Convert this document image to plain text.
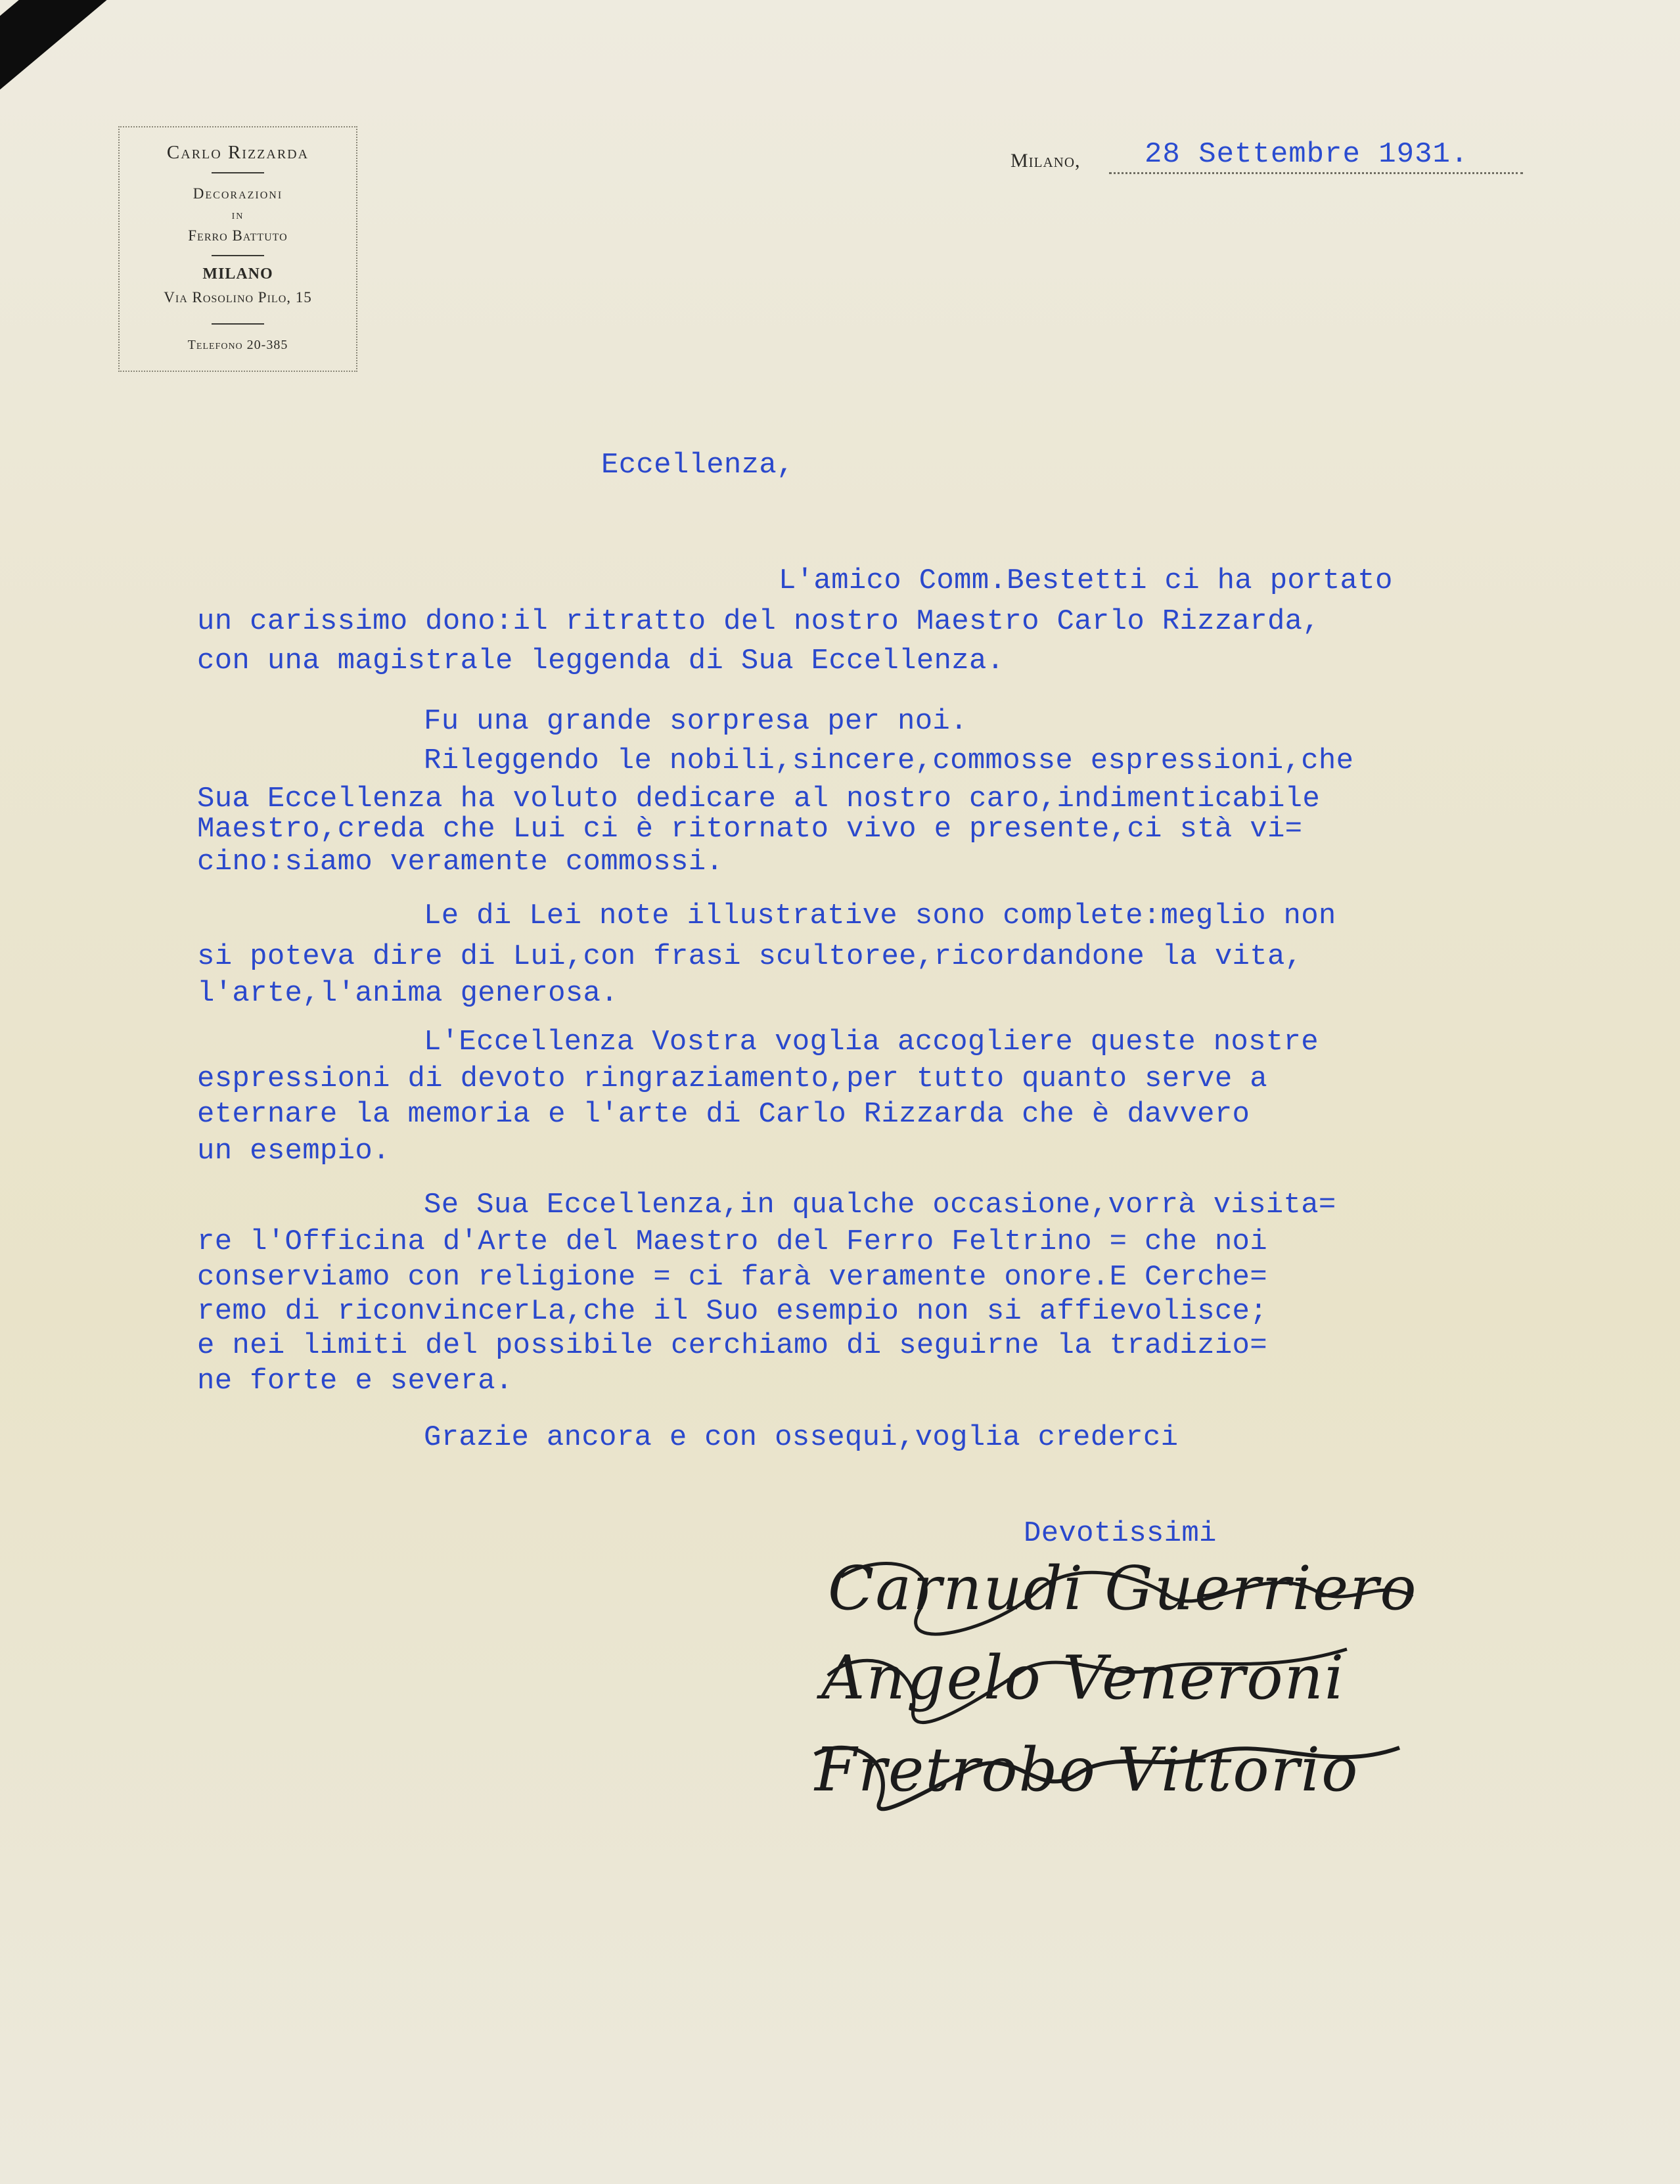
Carlo Rizzarda
Decorazioni
in
Ferro Battuto
MILANO
Via Rosolino Pilo, 15
Telefono 20-385
Milano, 28 Settembre 1931.
Eccellenza,
L'amico Comm.Bestetti ci ha portato
un carissimo dono:il ritratto del nostro Maestro Carlo Rizzarda,
con una magistrale leggenda di Sua Eccellenza.
Fu una grande sorpresa per noi.
Rileggendo le nobili,sincere,commosse espressioni,che
Sua Eccellenza ha voluto dedicare al nostro caro,indimenticabile
Maestro,creda che Lui ci è ritornato vivo e presente,ci stà vi=
cino:siamo veramente commossi.
Le di Lei note illustrative sono complete:meglio non
si poteva dire di Lui,con frasi scultoree,ricordandone la vita,
l'arte,l'anima generosa.
L'Eccellenza Vostra voglia accogliere queste nostre
espressioni di devoto ringraziamento,per tutto quanto serve a
eternare la memoria e l'arte di Carlo Rizzarda che è davvero
un esempio.
Se Sua Eccellenza,in qualche occasione,vorrà visita=
re l'Officina d'Arte del Maestro del Ferro Feltrino = che noi
conserviamo con religione = ci farà veramente onore.E Cerche=
remo di riconvincerLa,che il Suo esempio non si affievolisce;
e nei limiti del possibile cerchiamo di seguirne la tradizio=
ne forte e severa.
Grazie ancora e con ossequi,voglia crederci
Devotissimi
Carnudi Guerriero
Angelo Veneroni
Fretrobo Vittorio
